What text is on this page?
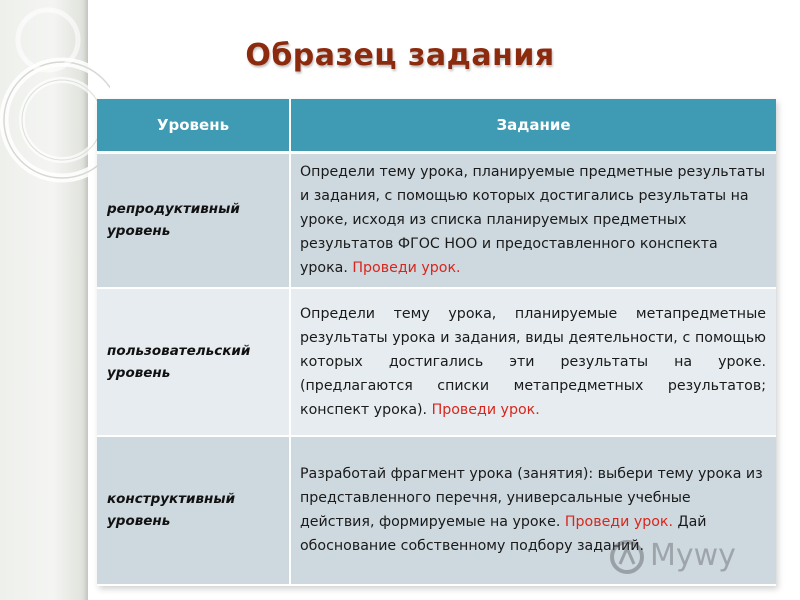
Образец задания
Уровень	Задание
репродуктивный уровень	Определи тему урока, планируемые предметные результаты и задания, с помощью которых достигались результаты на уроке, исходя из списка планируемых предметных результатов ФГОС НОО и предоставленного конспекта урока. Проведи урок.
пользовательский уровень	Определи тему урока, планируемые метапредметные результаты урока и задания, виды деятельности, с помощью которых достигались эти результаты на уроке. (предлагаются списки метапредметных результатов; конспект урока). Проведи урок.
конструктивный уровень	Разработай фрагмент урока (занятия): выбери тему урока из представленного перечня, универсальные учебные действия, формируемые на уроке. Проведи урок. Дай обоснование собственному подбору заданий. Mywy
